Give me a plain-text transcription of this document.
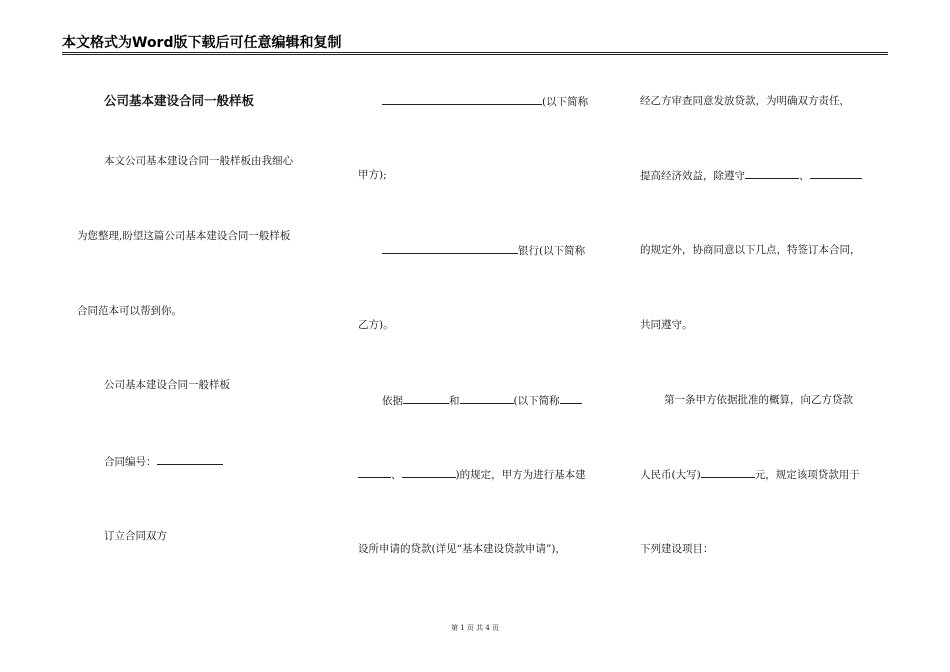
本文格式为Word版下载后可任意编辑和复制
公司基本建设合同一般样板
本文公司基本建设合同一般样板由我细心
为您整理,盼望这篇公司基本建设合同一般样板
合同范本可以帮到你。
公司基本建设合同一般样板
合同编号：
订立合同双方
(以下简称
甲方);
银行(以下简称
乙方)。
依据	和	(以下简称
、	)的规定，甲方为进行基本建
设所申请的贷款(详见“基本建设贷款申请”)，
经乙方审查同意发放贷款，为明确双方责任，
提高经济效益，除遵守	、
的规定外，协商同意以下几点，特签订本合同，
共同遵守。
第一条甲方依据批准的概算，向乙方贷款
人民币(大写)	元，规定该项贷款用于
下列建设项目：
第 1 页 共 4 页
